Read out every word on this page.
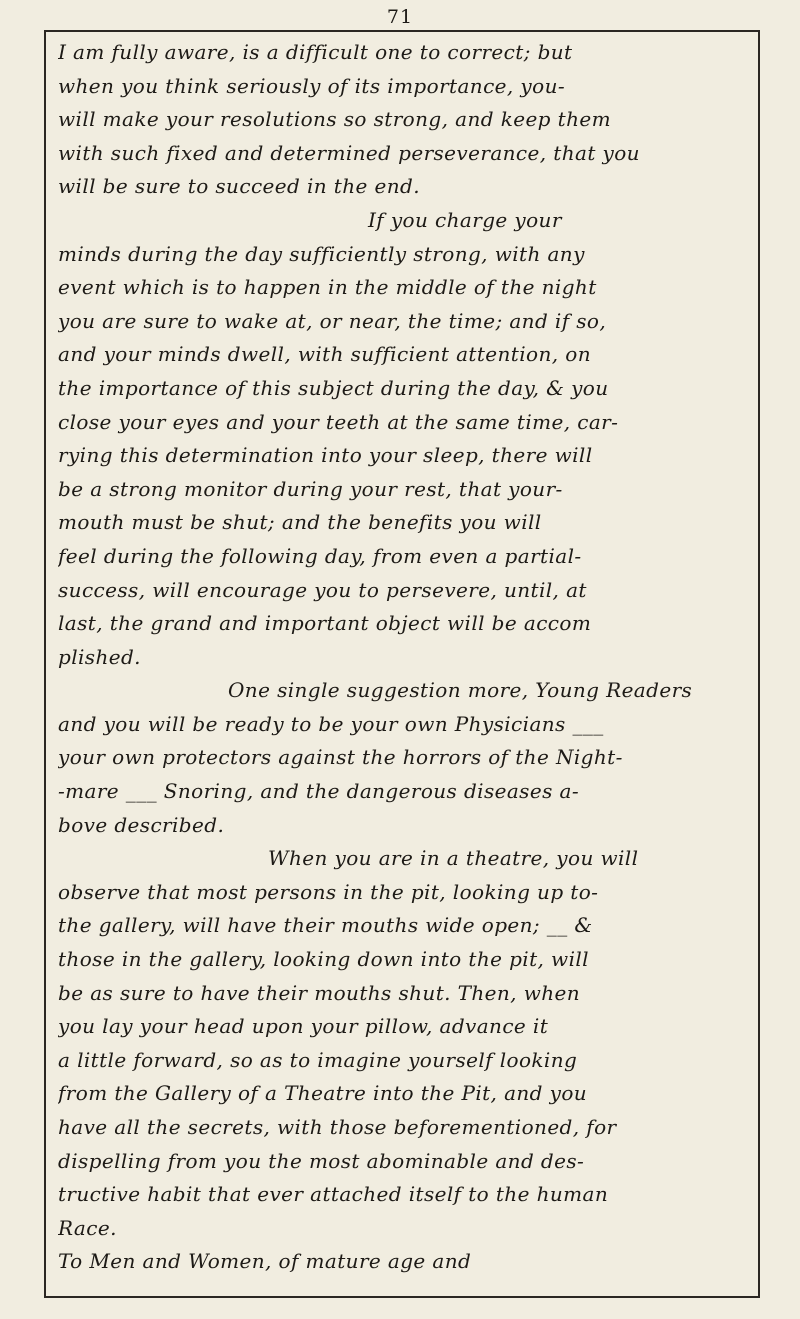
71
I am fully aware, is a difficult one to correct; but
when you think seriously of its importance, you-
will make your resolutions so strong, and keep them
with such fixed and determined perseverance, that you
will be sure to succeed in the end.
If you charge your
minds during the day sufficiently strong, with any
event which is to happen in the middle of the night
you are sure to wake at, or near, the time; and if so,
and your minds dwell, with sufficient attention, on
the importance of this subject during the day, & you
close your eyes and your teeth at the same time, car-
rying this determination into your sleep, there will
be a strong monitor during your rest, that your-
mouth must be shut; and the benefits you will
feel during the following day, from even a partial-
success, will encourage you to persevere, until, at
last, the grand and important object will be accom
plished.
One single suggestion more, Young Readers
and you will be ready to be your own Physicians ___
your own protectors against the horrors of the Night-
-mare ___ Snoring, and the dangerous diseases a-
bove described.
When you are in a theatre, you will
observe that most persons in the pit, looking up to-
the gallery, will have their mouths wide open; __ &
those in the gallery, looking down into the pit, will
be as sure to have their mouths shut. Then, when
you lay your head upon your pillow, advance it
a little forward, so as to imagine yourself looking
from the Gallery of a Theatre into the Pit, and you
have all the secrets, with those beforementioned, for
dispelling from you the most abominable and des-
tructive habit that ever attached itself to the human
Race.
To Men and Women, of mature age and
